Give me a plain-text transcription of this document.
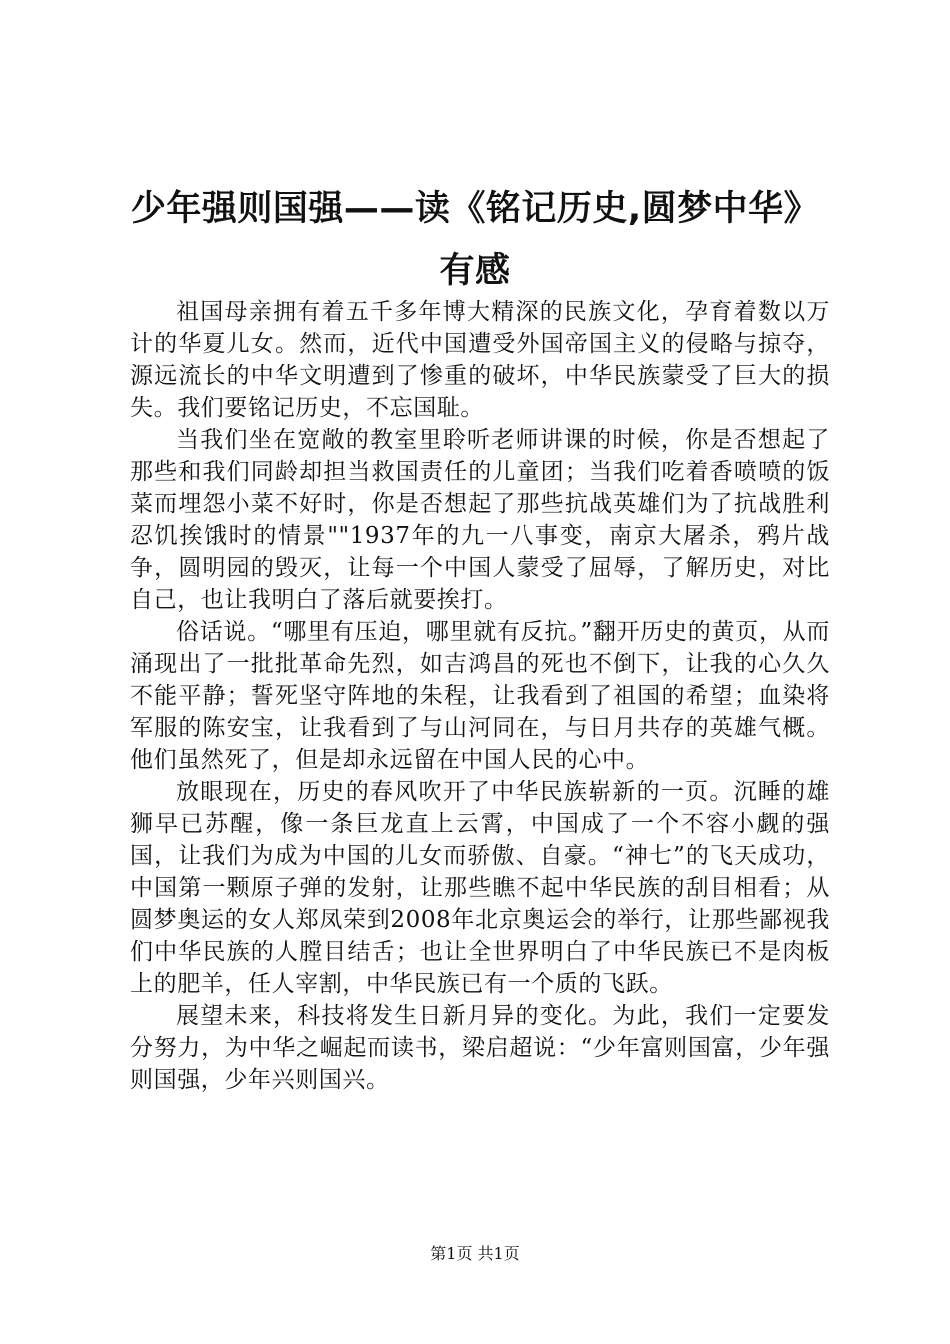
少年强则国强——读《铭记历史,圆梦中华》有感

祖国母亲拥有着五千多年博大精深的民族文化，孕育着数以万计的华夏儿女。然而，近代中国遭受外国帝国主义的侵略与掠夺，源远流长的中华文明遭到了惨重的破坏，中华民族蒙受了巨大的损失。我们要铭记历史，不忘国耻。

当我们坐在宽敞的教室里聆听老师讲课的时候，你是否想起了那些和我们同龄却担当救国责任的儿童团；当我们吃着香喷喷的饭菜而埋怨小菜不好时，你是否想起了那些抗战英雄们为了抗战胜利忍饥挨饿时的情景""1937年的九一八事变，南京大屠杀，鸦片战争，圆明园的毁灭，让每一个中国人蒙受了屈辱，了解历史，对比自己，也让我明白了落后就要挨打。

俗话说。“哪里有压迫，哪里就有反抗。”翻开历史的黄页，从而涌现出了一批批革命先烈，如吉鸿昌的死也不倒下，让我的心久久不能平静；誓死坚守阵地的朱程，让我看到了祖国的希望；血染将军服的陈安宝，让我看到了与山河同在，与日月共存的英雄气概。他们虽然死了，但是却永远留在中国人民的心中。

放眼现在，历史的春风吹开了中华民族崭新的一页。沉睡的雄狮早已苏醒，像一条巨龙直上云霄，中国成了一个不容小觑的强国，让我们为成为中国的儿女而骄傲、自豪。“神七”的飞天成功，中国第一颗原子弹的发射，让那些瞧不起中华民族的刮目相看；从圆梦奥运的女人郑凤荣到2008年北京奥运会的举行，让那些鄙视我们中华民族的人膛目结舌；也让全世界明白了中华民族已不是肉板上的肥羊，任人宰割，中华民族已有一个质的飞跃。

展望未来，科技将发生日新月异的变化。为此，我们一定要发分努力，为中华之崛起而读书，梁启超说：“少年富则国富，少年强则国强，少年兴则国兴。

第1页 共1页
